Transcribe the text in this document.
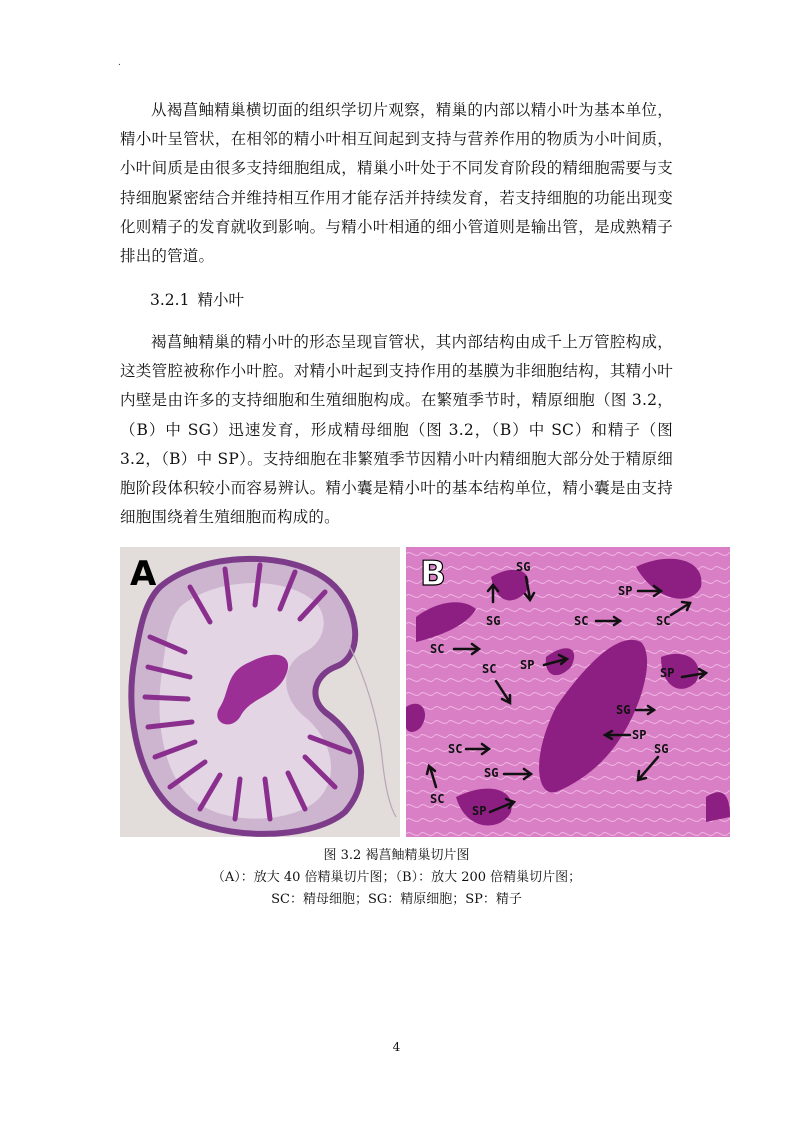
.

从褐菖鲉精巢横切面的组织学切片观察，精巢的内部以精小叶为基本单位，精小叶呈管状，在相邻的精小叶相互间起到支持与营养作用的物质为小叶间质，小叶间质是由很多支持细胞组成，精巢小叶处于不同发育阶段的精细胞需要与支持细胞紧密结合并维持相互作用才能存活并持续发育，若支持细胞的功能出现变化则精子的发育就收到影响。与精小叶相通的细小管道则是输出管，是成熟精子排出的管道。

3.2.1 精小叶

褐菖鲉精巢的精小叶的形态呈现盲管状，其内部结构由成千上万管腔构成，这类管腔被称作小叶腔。对精小叶起到支持作用的基膜为非细胞结构，其精小叶内壁是由许多的支持细胞和生殖细胞构成。在繁殖季节时，精原细胞（图 3.2，（B）中 SG）迅速发育，形成精母细胞（图 3.2，（B）中 SC）和精子（图 3.2，（B）中 SP）。支持细胞在非繁殖季节因精小叶内精细胞大部分处于精原细胞阶段体积较小而容易辨认。精小囊是精小叶的基本结构单位，精小囊是由支持细胞围绕着生殖细胞而构成的。

A	B	SG
SG
SP
SC	SC
SC
SC SP
SP
SG
SP
SC	SG
SG
SC
SP

图 3.2 褐菖鲉精巢切片图

（A）：放大 40 倍精巢切片图；（B）：放大 200 倍精巢切片图；

SC：精母细胞；SG：精原细胞；SP：精子

4
